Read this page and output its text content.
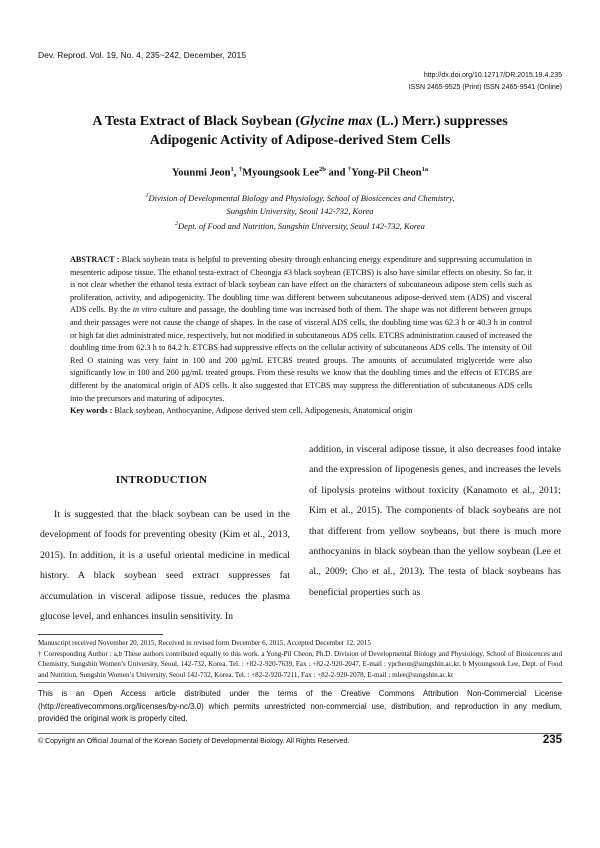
Dev. Reprod. Vol. 19, No. 4, 235~242, December, 2015
http://dx.doi.org/10.12717/DR.2015.19.4.235
ISSN 2465-9525 (Print) ISSN 2465-9541 (Online)
A Testa Extract of Black Soybean (Glycine max (L.) Merr.) suppresses
Adipogenic Activity of Adipose-derived Stem Cells
Younmi Jeon$^1$, †Myoungsook Lee$^{2b}$ and †Yong-Pil Cheon$^{1a}$
$^1$Division of Developmental Biology and Physiology, School of Biosicences and Chemistry,
Sungshin University, Seoul 142-732, Korea
$^2$Dept. of Food and Nutrition, Sungshin University, Seoul 142-732, Korea
ABSTRACT : Black soybean teata is helpful to preventing obesity through enhancing energy expenditure and suppressing accumulation in mesenteric adipose tissue. The ethanol testa-extract of Cheongja #3 black soybean (ETCBS) is also have similar effects on obesity. So far, it is not clear whether the ethanol testa extract of black soybean can have effect on the characters of subcutaneous adipose stem cells such as proliferation, activity, and adipogenicity. The doubling time was different between subcutaneous adipose-derived stem (ADS) and visceral ADS cells. By the in vitro culture and passage, the doubling time was increased both of them. The shape was not different between groups and their passages were not cause the change of shapes. In the case of visceral ADS cells, the doubling time was 62.3 h or 40.3 h in control or high fat diet administrated mice, respectively, but not modified in subcutaneous ADS cells. ETCBS administration caused of increased the doubling time from 62.3 h to 84.2 h. ETCBS had suppressive effects on the cellular activity of subcutaneous ADS cells. The intensity of Oil Red O staining was very faint in 100 and 200 μg/mL ETCBS treated groups. The amounts of accumulated triglyceride were also significantly low in 100 and 200 μg/mL treated groups. From these results we know that the doubling times and the effects of ETCBS are different by the anatomical origin of ADS cells. It also suggested that ETCBS may suppress the differentiation of subcutaneous ADS cells into the precursors and maturing of adipocytes.
Key words : Black soybean, Anthocyanine, Adipose derived stem cell, Adipogenesis, Anatomical origin
INTRODUCTION
It is suggested that the black soybean can be used in the development of foods for preventing obesity (Kim et al., 2013, 2015). In addition, it is a useful oriental medicine in medical history. A black soybean seed extract suppresses fat accumulation in visceral adipose tissue, reduces the plasma glucose level, and enhances insulin sensitivity. In
addition, in visceral adipose tissue, it also decreases food intake and the expression of lipogenesis genes, and increases the levels of lipolysis proteins without toxicity (Kanamoto et al., 2011; Kim et al., 2015). The components of black soybeans are not that different from yellow soybeans, but there is much more anthocyanins in black soybean than the yellow soybean (Lee et al., 2009; Cho et al., 2013). The testa of black soybeans has beneficial properties such as
Manuscript received November 20, 2015, Received in revised form December 6, 2015, Accepted December 12, 2015
† Corresponding Author : a,b These authors contributed equally to this work. a Yong-Pil Cheon, Ph.D. Division of Developmental Biology and Physiology, School of Biosicences and Chemistry, Sungshin Women’s University, Seoul, 142-732, Korea. Tel. : +82-2-920-7639, Fax : +82-2-920-2047, E-mail : ypcheon@sungshin.ac.kr, b Myoungsook Lee, Dept. of Food and Nutrition, Sungshin Women’s University, Seoul 142-732, Korea. Tel. : +82-2-920-7211, Fax : +82-2-920-2078, E-mail : mlee@sungshin.ac.kr
This is an Open Access article distributed under the terms of the Creative Commons Attribution Non-Commercial License (http://creativecommons.org/licenses/by-nc/3.0) which permits unrestricted non-commercial use, distribution, and reproduction in any medium, provided the original work is properly cited.
© Copyright an Official Journal of the Korean Society of Developmental Biology. All Rights Reserved.	235
